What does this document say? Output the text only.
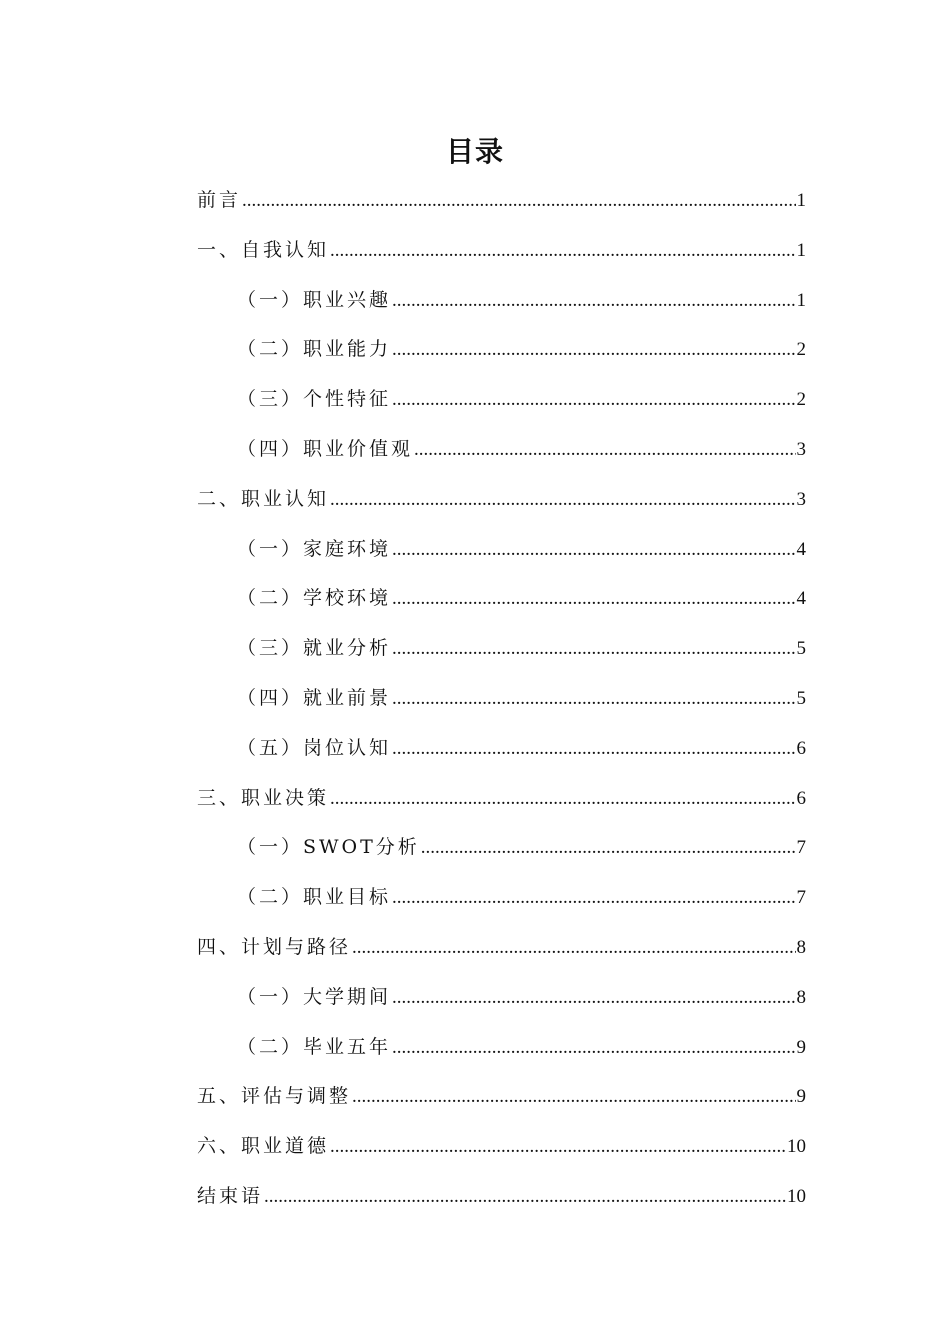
目录
前言 .....	1
一、自我认知 .....	1
（一）职业兴趣 .....	1
（二）职业能力 .....	2
（三）个性特征 .....	2
（四）职业价值观 .....	3
二、职业认知 .....	3
（一）家庭环境 .....	4
（二）学校环境 .....	4
（三）就业分析 .....	5
（四）就业前景 .....	5
（五）岗位认知 .....	6
三、职业决策 .....	6
（一）SWOT分析 .....	7
（二）职业目标 .....	7
四、计划与路径 .....	8
（一）大学期间 .....	8
（二）毕业五年 .....	9
五、评估与调整 .....	9
六、职业道德 .....	10
结束语 .....	10
